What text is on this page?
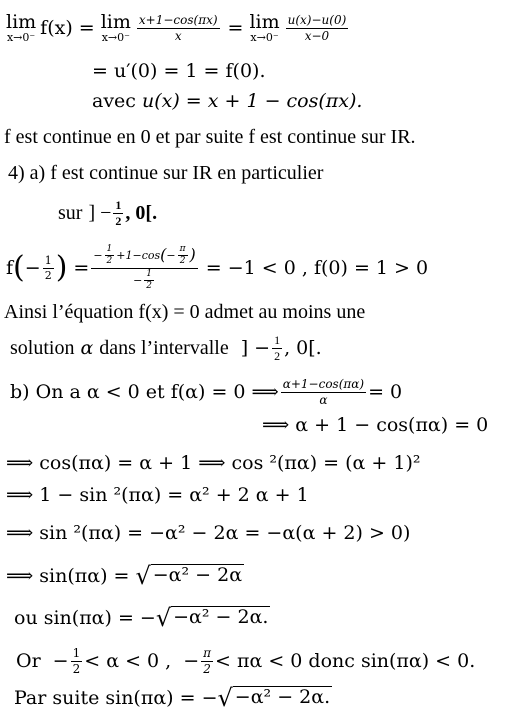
lim
x→0⁻ f(x) = lim
$x\to 0^- \frac{x+1-\cos(\pi x)}{x} = \lim$
$x\to 0^- \frac{u(x)-u(0)}{x-0}$
= u′(0) = 1 = f(0).
avec u(x) = x + 1 − cos(πx).
f est continue en 0 et par suite f est continue sur IR.
4) a) f est continue sur IR en particulier
sur ] − $\frac{1}{2}$ , 0[.
f ( − $\frac{1}{2}$ ) =
− $\frac{1}{2} +1-\cos$ ( − $\frac{\pi}{2}$ )
− $\frac{1}{2}$
= −1 < 0 , f(0) = 1 > 0
Ainsi l’équation f(x) = 0 admet au moins une
solution α dans l’intervalle ] − $\frac{1}{2}$ , 0[.
b) On a α < 0 et f(α) = 0 ⟹ $\frac{\alpha+1-\cos(\pi\alpha)}{\alpha} = 0$
⟹ α + 1 − cos(πα) = 0
⟹ cos(πα) = α + 1 ⟹ cos ²(πα) = (α + 1)²
⟹ 1 − sin ²(πα) = α² + 2 α + 1
⟹ sin ²(πα) = −α² − 2α = −α(α + 2) > 0)
⟹ sin(πα) = √ −α² − 2α
ou sin(πα) = − √ −α² − 2α.
$Or - \frac{1}{2} < \alpha < 0$ , − $\frac{\pi}{2} < \pi\alpha < 0$ donc sin(πα) < 0.
Par suite sin(πα) = − √ −α² − 2α.
